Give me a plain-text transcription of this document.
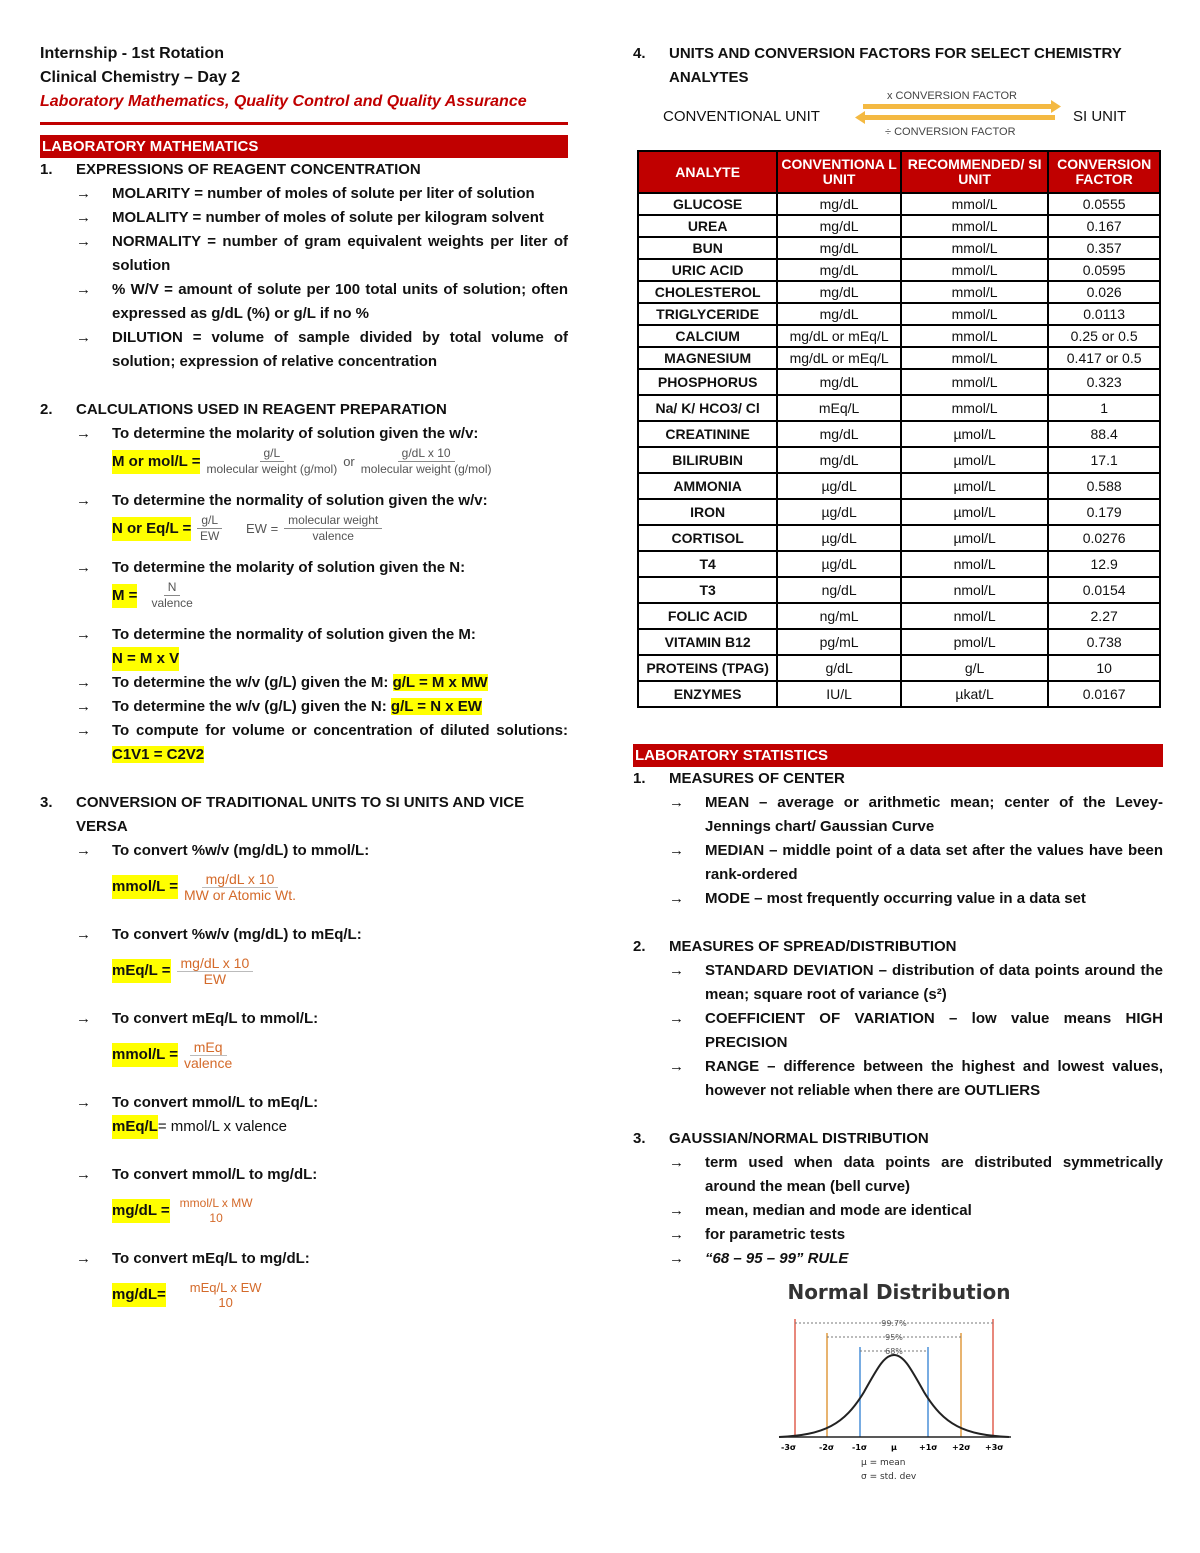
Internship - 1st Rotation
Clinical Chemistry – Day 2
Laboratory Mathematics, Quality Control and Quality Assurance
LABORATORY MATHEMATICS
1.	EXPRESSIONS OF REAGENT CONCENTRATION
→	MOLARITY = number of moles of solute per liter of solution
→	MOLALITY = number of moles of solute per kilogram solvent
→	NORMALITY = number of gram equivalent weights per liter of solution
→	% W/V = amount of solute per 100 total units of solution; often expressed as g/dL (%) or g/L if no %
→	DILUTION = volume of sample divided by total volume of solution; expression of relative concentration
2.	CALCULATIONS USED IN REAGENT PREPARATION
→	To determine the molarity of solution given the w/v:
M or $mol/L = \frac{g/L}{\text{molecular weight (g/mol)}}$ or $\frac{\text{g/dL x 10}}{\text{molecular weight (g/mol)}}$
→	To determine the normality of solution given the w/v:
N or $Eq/L = \frac{g/L}{EW}$ EW = $\frac{\text{molecular weight}}{\text{valence}}$
→	To determine the molarity of solution given the N:
$M = \frac{N}{\text{valence}}$
→	To determine the normality of solution given the M:
N = M x V
→	To determine the w/v (g/L) given the M: g/L = M x MW
→	To determine the w/v (g/L) given the N: g/L = N x EW
→	To compute for volume or concentration of diluted solutions: C1V1 = C2V2
3.	CONVERSION OF TRADITIONAL UNITS TO SI UNITS AND VICE VERSA
→	To convert %w/v (mg/dL) to mmol/L:
mmol/L = $\frac{\text{mg/dL x 10}}{\text{MW or Atomic Wt.}}$
→	To convert %w/v (mg/dL) to mEq/L:
$mEq/L = \frac{\text{mg/dL x 10}}{EW}$
→	To convert mEq/L to mmol/L:
mmol/L = $\frac{\text{mEq}}{\text{valence}}$
→	To convert mmol/L to mEq/L:
mEq/L = mmol/L x valence
→	To convert mmol/L to mg/dL:
mg/dL = mmol/L x MW
10
→	To convert mEq/L to mg/dL:
mg/dL=	mEq/L x EW
10
4.	UNITS AND CONVERSION FACTORS FOR SELECT CHEMISTRY ANALYTES
CONVENTIONAL UNIT
x CONVERSION FACTOR
÷ CONVERSION FACTOR
SI UNIT
ANALYTE	CONVENTIONA L UNIT	RECOMMENDED/ SI UNIT	CONVERSION FACTOR
GLUCOSE	mg/dL	mmol/L	0.0555
UREA	mg/dL	mmol/L	0.167
BUN	mg/dL	mmol/L	0.357
URIC ACID	mg/dL	mmol/L	0.0595
CHOLESTEROL	mg/dL	mmol/L	0.026
TRIGLYCERIDE	mg/dL	mmol/L	0.0113
CALCIUM	mg/dL or mEq/L	mmol/L	0.25 or 0.5
MAGNESIUM	mg/dL or mEq/L	mmol/L	0.417 or 0.5
PHOSPHORUS	mg/dL	mmol/L	0.323
Na/ K/ HCO3/ Cl	mEq/L	mmol/L	1
CREATININE	mg/dL	µmol/L	88.4
BILIRUBIN	mg/dL	µmol/L	17.1
AMMONIA	µg/dL	µmol/L	0.588
IRON	µg/dL	µmol/L	0.179
CORTISOL	µg/dL	µmol/L	0.0276
T4	µg/dL	nmol/L	12.9
T3	ng/dL	nmol/L	0.0154
FOLIC ACID	ng/mL	nmol/L	2.27
VITAMIN B12	pg/mL	pmol/L	0.738
PROTEINS (TPAG)	g/dL	g/L	10
ENZYMES	IU/L	µkat/L	0.0167
LABORATORY STATISTICS
1.	MEASURES OF CENTER
→	MEAN – average or arithmetic mean; center of the Levey-Jennings chart/ Gaussian Curve
→	MEDIAN – middle point of a data set after the values have been rank-ordered
→	MODE – most frequently occurring value in a data set
2.	MEASURES OF SPREAD/DISTRIBUTION
→	STANDARD DEVIATION – distribution of data points around the mean; square root of variance (s²)
→	COEFFICIENT OF VARIATION – low value means HIGH PRECISION
→	RANGE – difference between the highest and lowest values, however not reliable when there are OUTLIERS
3.	GAUSSIAN/NORMAL DISTRIBUTION
→	term used when data points are distributed symmetrically around the mean (bell curve)
→	mean, median and mode are identical
→	for parametric tests
→	“68 – 95 – 99” RULE
Normal Distribution
99.7%
95%
68%
-3σ	-2σ -1σ	µ	+1σ +2σ +3σ
µ = mean
σ = std. dev
